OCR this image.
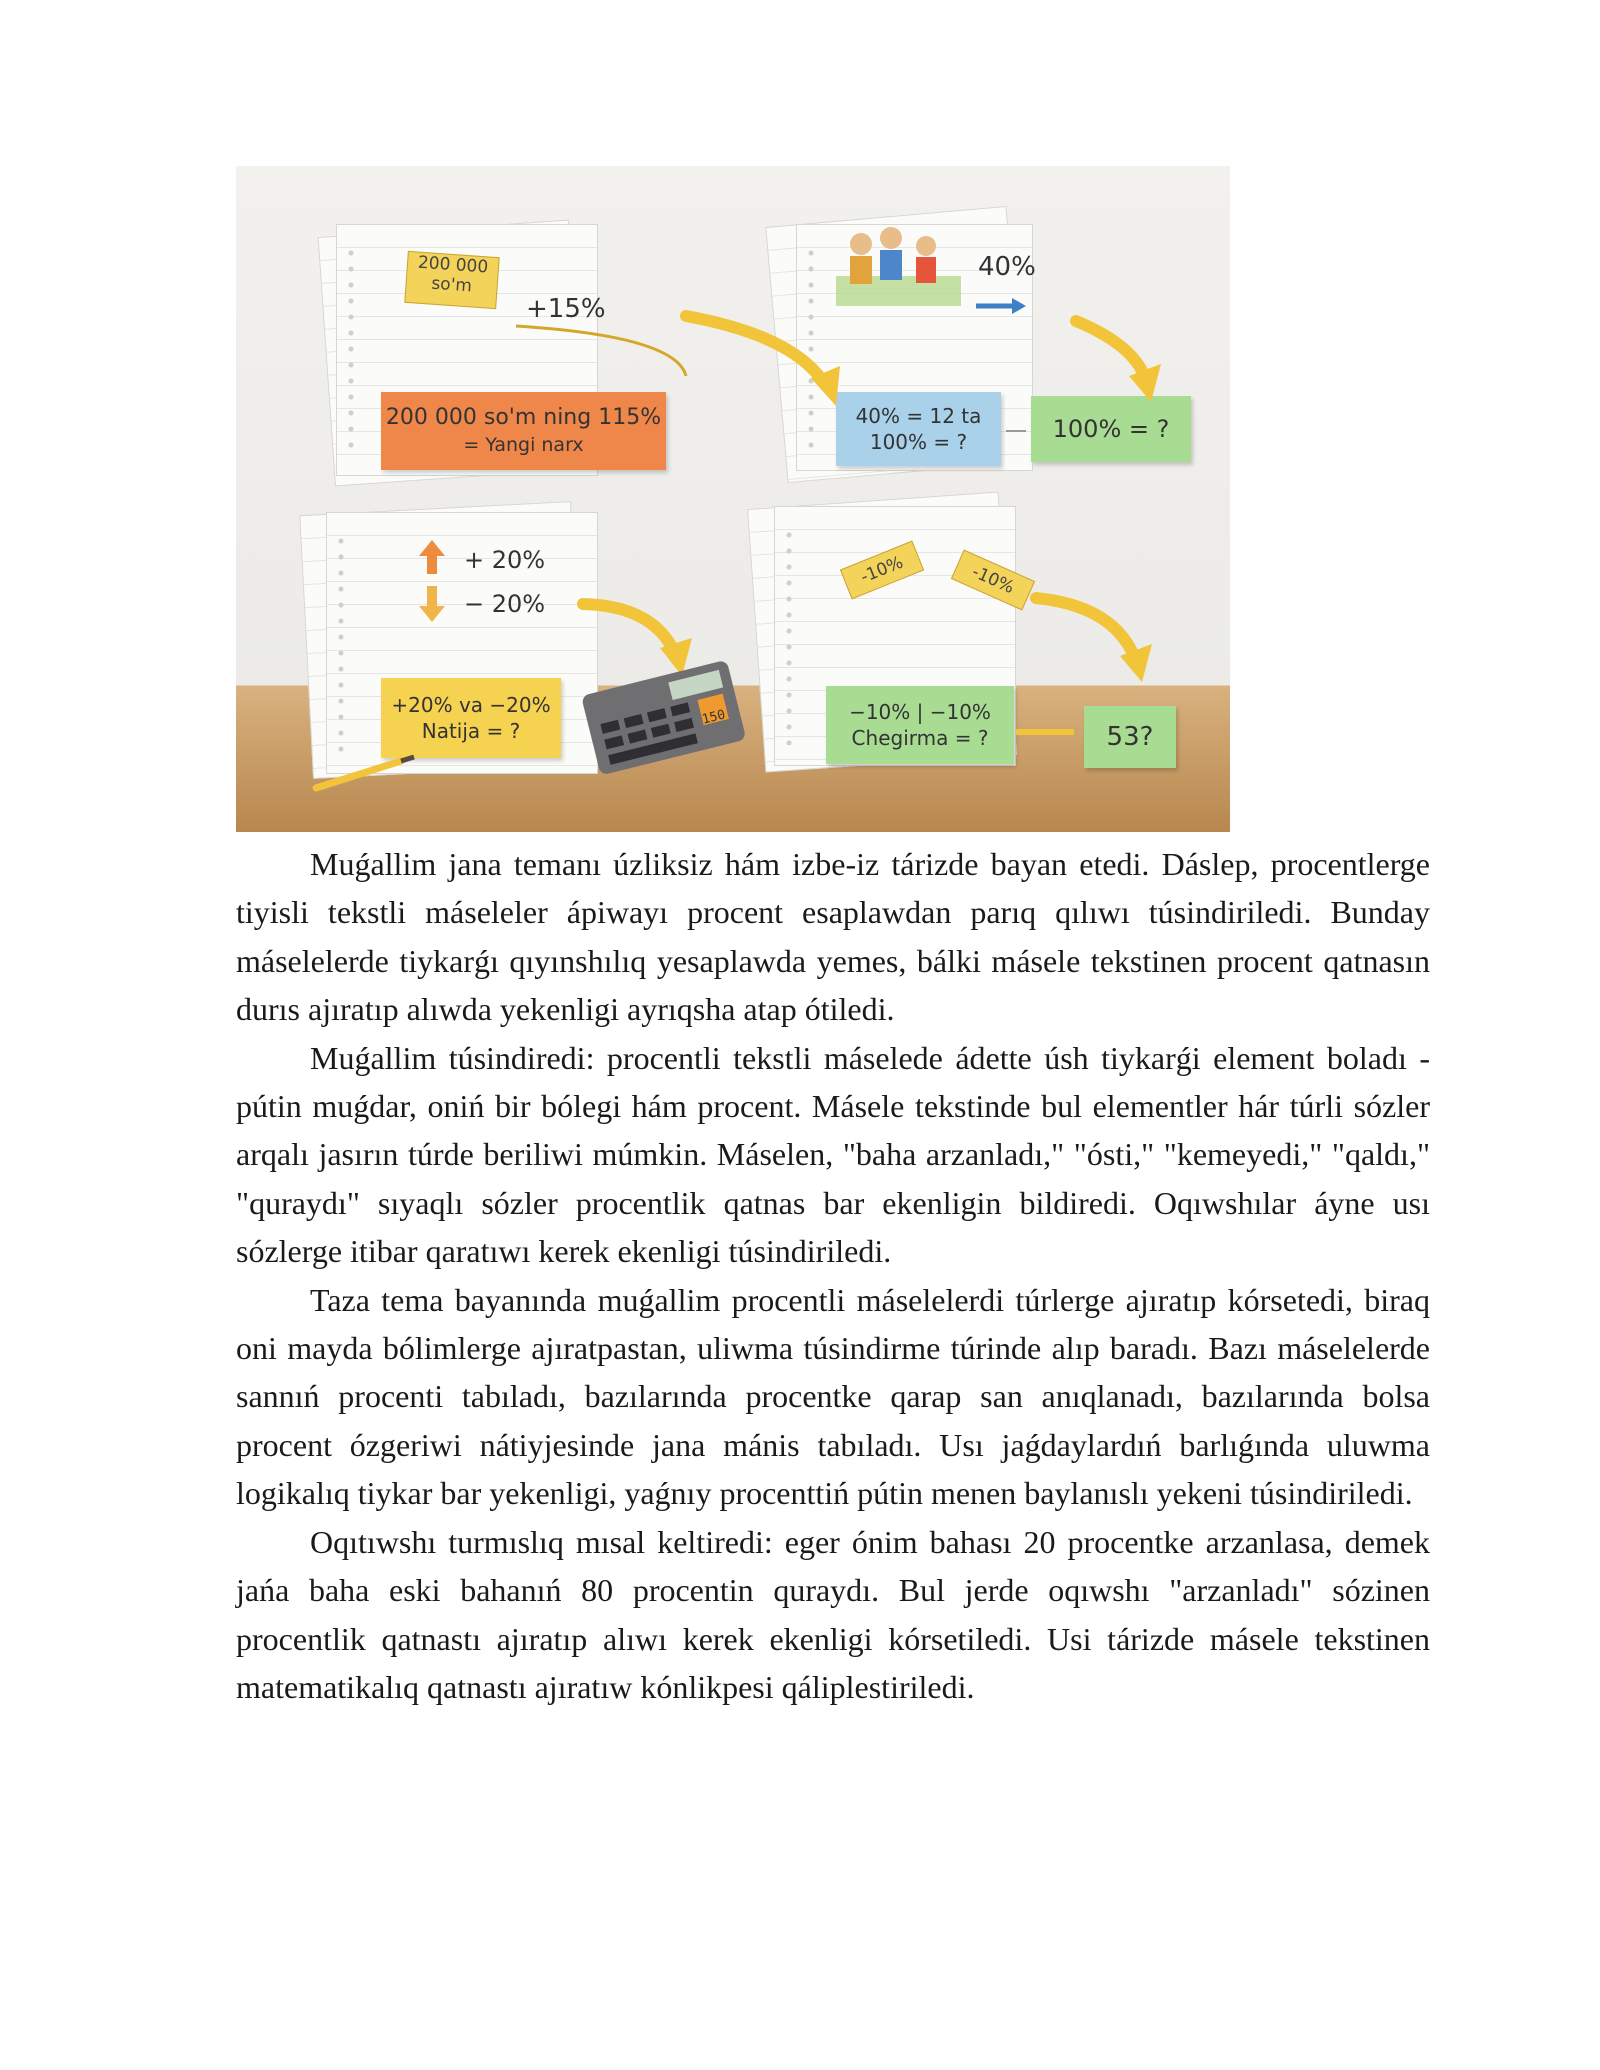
200 000 so'm
+15%
200 000 so'm ning 115%
= Yangi narx
40%
40% = 12 ta
100% = ?	100% = ?
+ 20%
− 20%
+20% va −20%
Natija = ?
-10%	-10%
−10% | −10%
Chegirma = ?	53?
150

Muǵallim jana temanı úzliksiz hám izbe-iz tárizde bayan etedi. Dáslep, procentlerge tiyisli tekstli máseleler ápiwayı procent esaplawdan parıq qılıwı túsindiriledi. Bunday máselelerde tiykarǵı qıyınshılıq yesaplawda yemes, bálki másele tekstinen procent qatnasın durıs ajıratıp alıwda yekenligi ayrıqsha atap ótiledi.

Muǵallim túsindiredi: procentli tekstli máselede ádette úsh tiykarǵi element boladı - pútin muǵdar, oniń bir bólegi hám procent. Másele tekstinde bul elementler hár túrli sózler arqalı jasırın túrde beriliwi múmkin. Máselen, "baha arzanladı," "ósti," "kemeyedi," "qaldı," "quraydı" sıyaqlı sózler procentlik qatnas bar ekenligin bildiredi. Oqıwshılar áyne usı sózlerge itibar qaratıwı kerek ekenligi túsindiriledi.

Taza tema bayanında muǵallim procentli máselelerdi túrlerge ajıratıp kórsetedi, biraq oni mayda bólimlerge ajıratpastan, uliwma túsindirme túrinde alıp baradı. Bazı máselelerde sannıń procenti tabıladı, bazılarında procentke qarap san anıqlanadı, bazılarında bolsa procent ózgeriwi nátiyjesinde jana mánis tabıladı. Usı jaǵdaylardıń barlıǵında uluwma logikalıq tiykar bar yekenligi, yaǵnıy procenttiń pútin menen baylanıslı yekeni túsindiriledi.

Oqıtıwshı turmıslıq mısal keltiredi: eger ónim bahası 20 procentke arzanlasa, demek jańa baha eski bahanıń 80 procentin quraydı. Bul jerde oqıwshı "arzanladı" sózinen procentlik qatnastı ajıratıp alıwı kerek ekenligi kórsetiledi. Usi tárizde másele tekstinen matematikalıq qatnastı ajıratıw kónlikpesi qáliplestiriledi.
